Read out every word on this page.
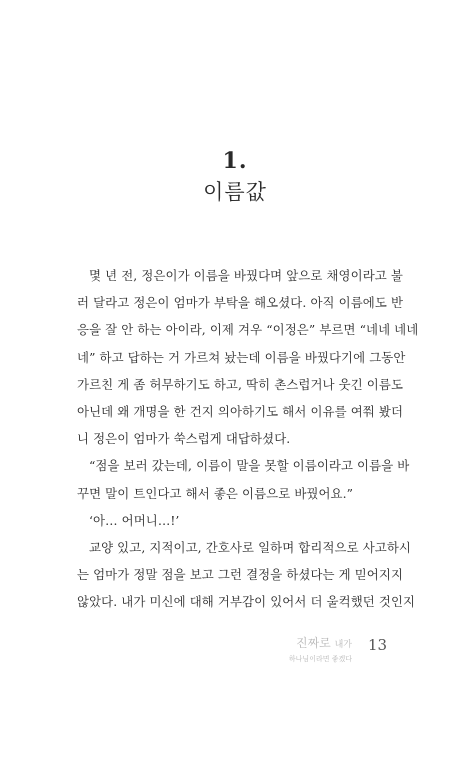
1.
이름값
몇 년 전, 정은이가 이름을 바꿨다며 앞으로 채영이라고 불
러 달라고 정은이 엄마가 부탁을 해오셨다. 아직 이름에도 반
응을 잘 안 하는 아이라, 이제 겨우 “이정은” 부르면 “네네 네네
네” 하고 답하는 거 가르쳐 놨는데 이름을 바꿨다기에 그동안
가르친 게 좀 허무하기도 하고, 딱히 촌스럽거나 웃긴 이름도
아닌데 왜 개명을 한 건지 의아하기도 해서 이유를 여쭤 봤더
니 정은이 엄마가 쑥스럽게 대답하셨다.
“점을 보러 갔는데, 이름이 말을 못할 이름이라고 이름을 바
꾸면 말이 트인다고 해서 좋은 이름으로 바꿨어요.”
‘아… 어머니…!’
교양 있고, 지적이고, 간호사로 일하며 합리적으로 사고하시
는 엄마가 정말 점을 보고 그런 결정을 하셨다는 게 믿어지지
않았다. 내가 미신에 대해 거부감이 있어서 더 울컥했던 것인지
진짜로 내가
하나님이라면 좋겠다
13
